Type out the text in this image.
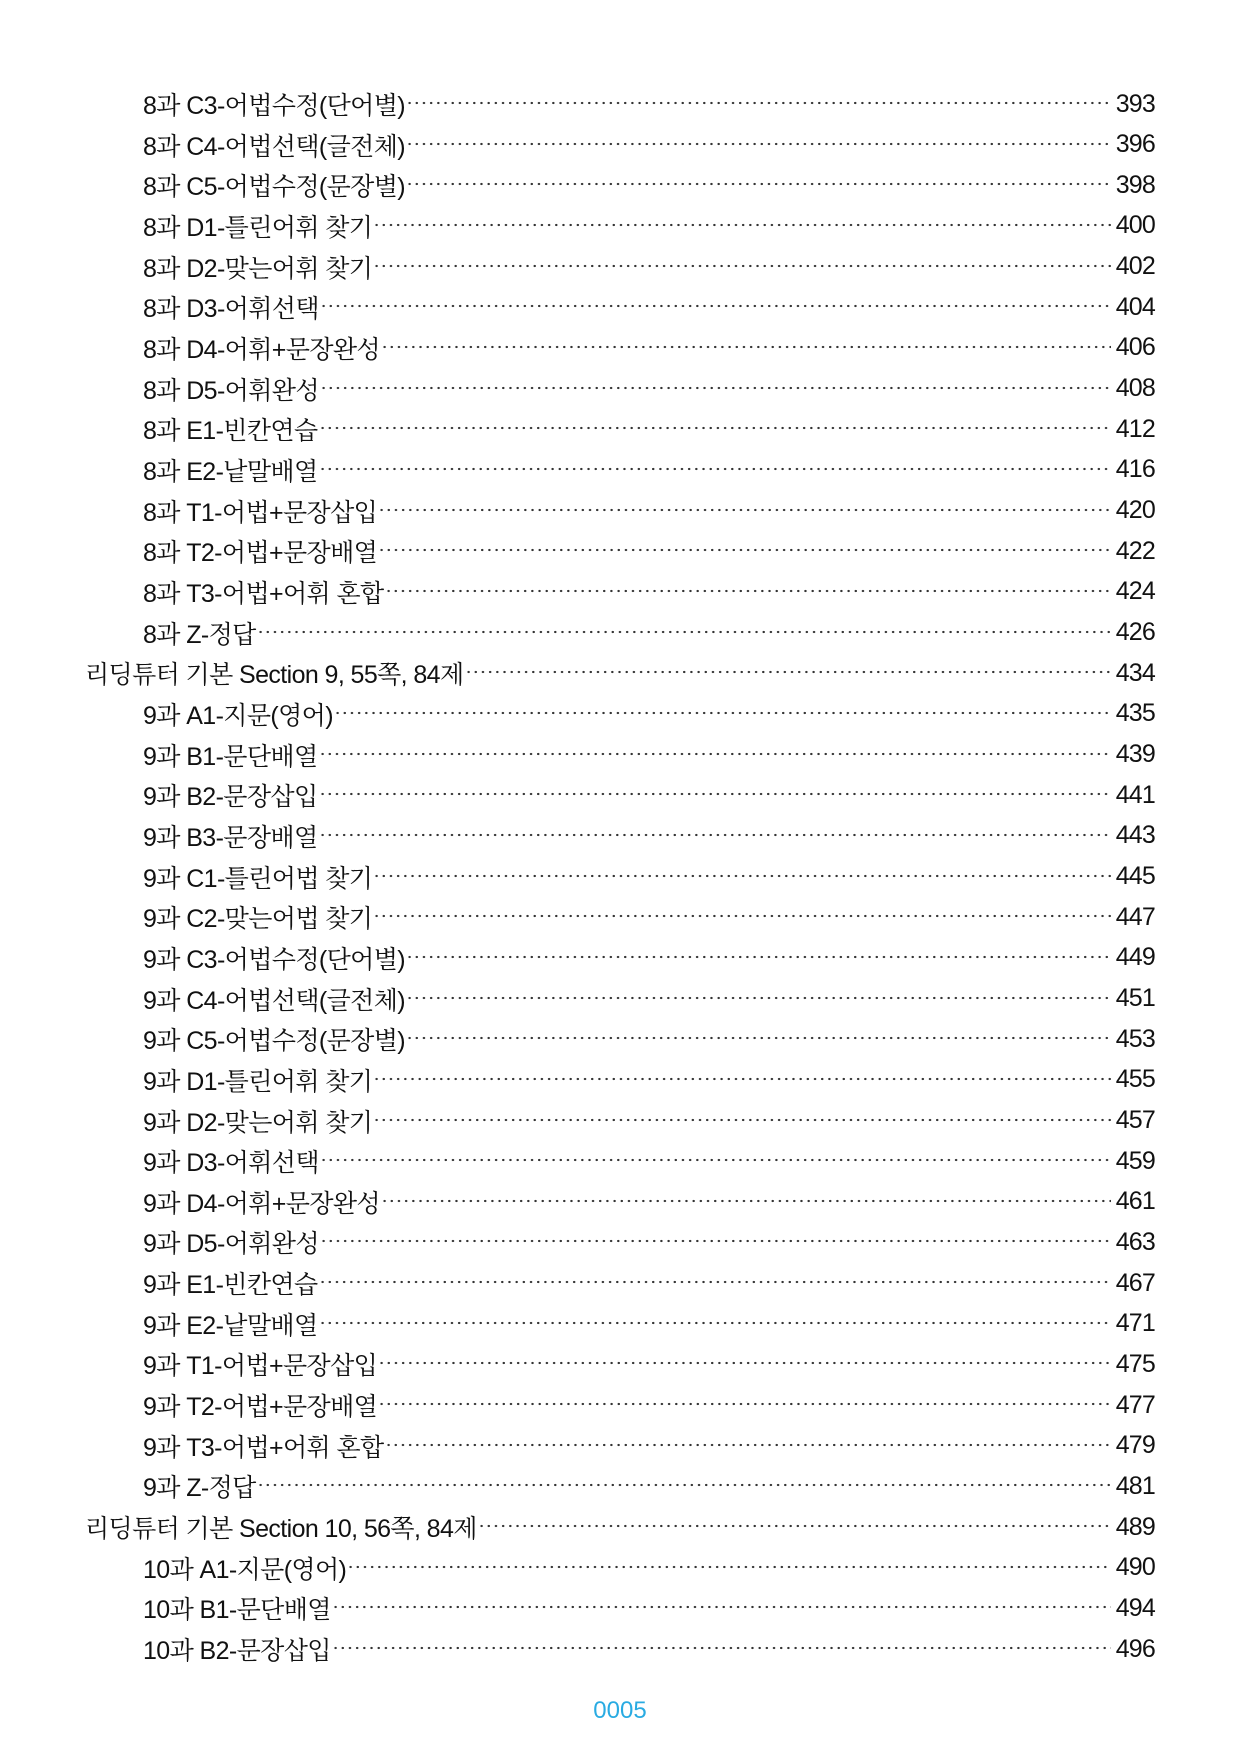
8과 C3-어법수정(단어별)	393
8과 C4-어법선택(글전체)	396
8과 C5-어법수정(문장별)	398
8과 D1-틀린어휘 찾기	400
8과 D2-맞는어휘 찾기	402
8과 D3-어휘선택	404
8과 D4-어휘+문장완성	406
8과 D5-어휘완성	408
8과 E1-빈칸연습	412
8과 E2-낱말배열	416
8과 T1-어법+문장삽입	420
8과 T2-어법+문장배열	422
8과 T3-어법+어휘 혼합	424
8과 Z-정답	426
리딩튜터 기본 Section 9, 55쪽, 84제	434
9과 A1-지문(영어)	435
9과 B1-문단배열	439
9과 B2-문장삽입	441
9과 B3-문장배열	443
9과 C1-틀린어법 찾기	445
9과 C2-맞는어법 찾기	447
9과 C3-어법수정(단어별)	449
9과 C4-어법선택(글전체)	451
9과 C5-어법수정(문장별)	453
9과 D1-틀린어휘 찾기	455
9과 D2-맞는어휘 찾기	457
9과 D3-어휘선택	459
9과 D4-어휘+문장완성	461
9과 D5-어휘완성	463
9과 E1-빈칸연습	467
9과 E2-낱말배열	471
9과 T1-어법+문장삽입	475
9과 T2-어법+문장배열	477
9과 T3-어법+어휘 혼합	479
9과 Z-정답	481
리딩튜터 기본 Section 10, 56쪽, 84제	489
10과 A1-지문(영어)	490
10과 B1-문단배열	494
10과 B2-문장삽입	496
0005
